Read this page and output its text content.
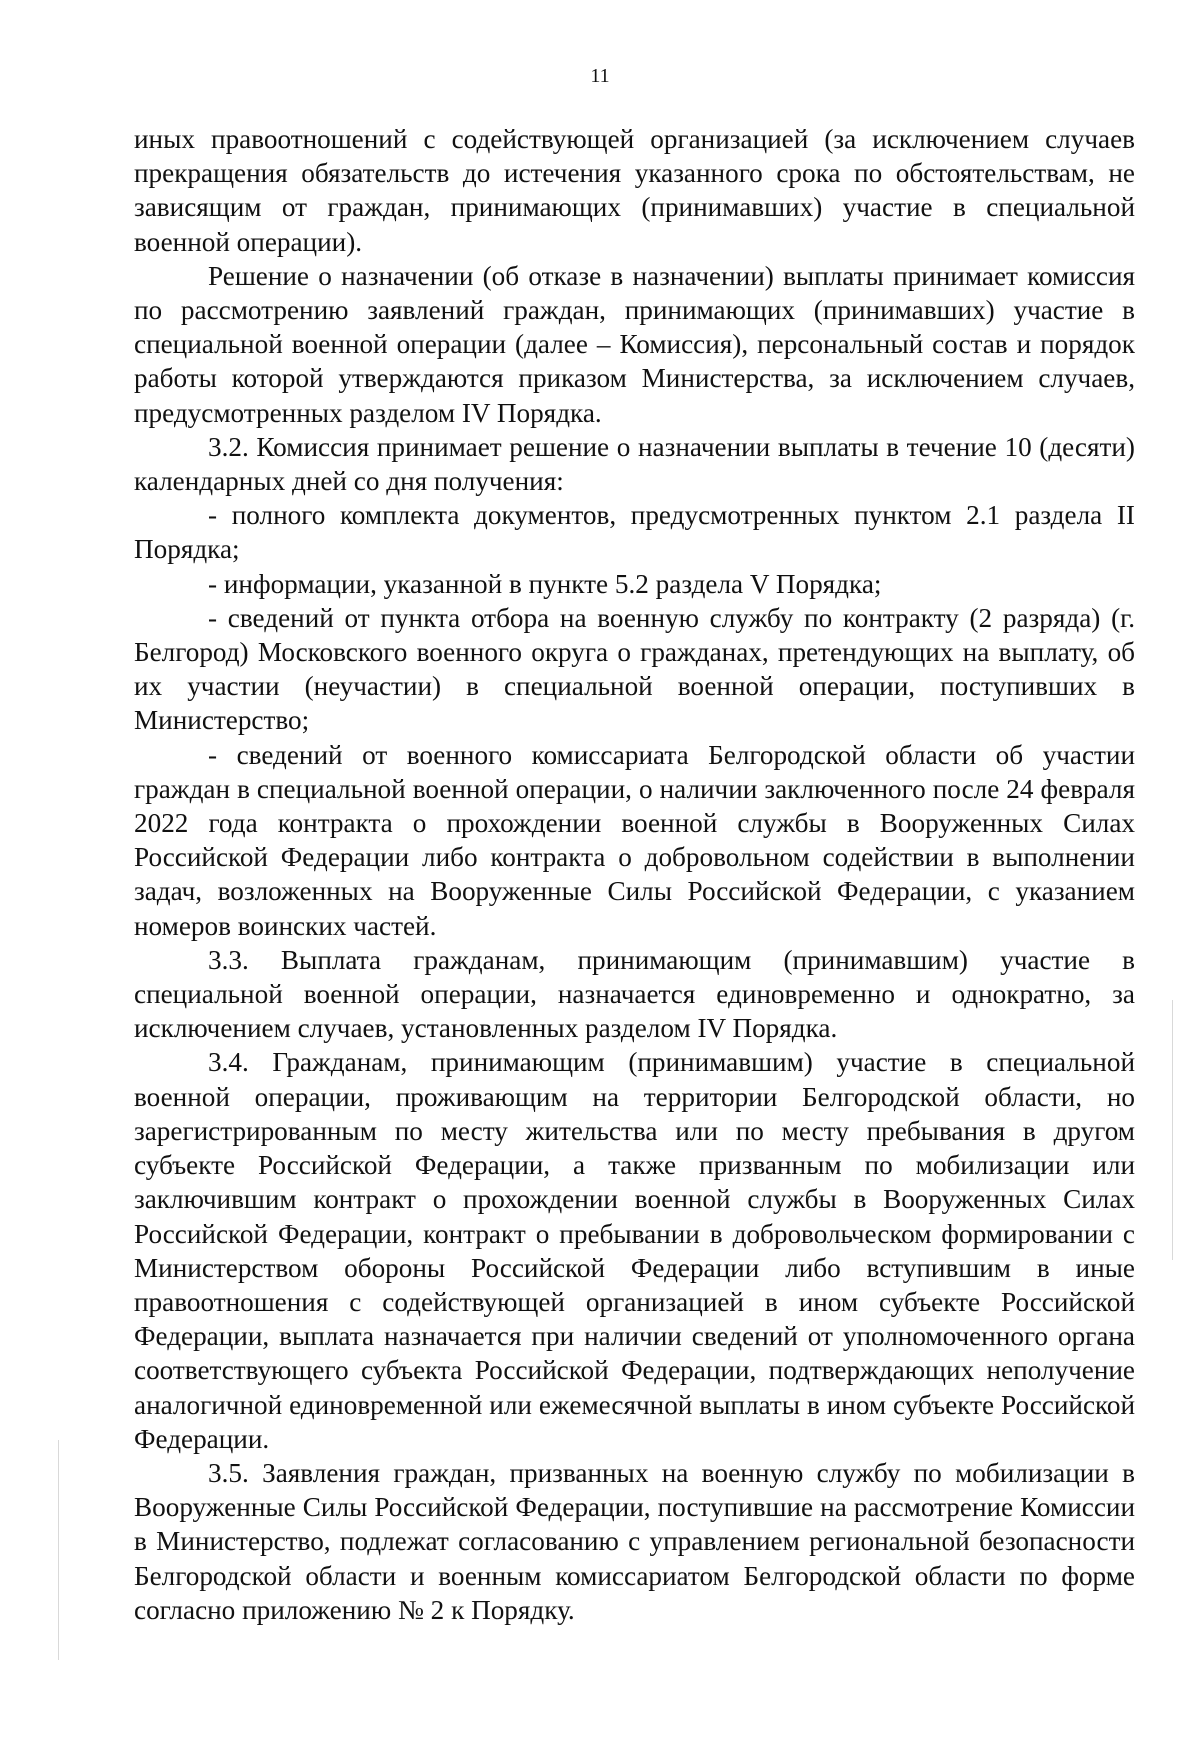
11

иных правоотношений с содействующей организацией (за исключением случаев прекращения обязательств до истечения указанного срока по обстоятельствам, не зависящим от граждан, принимающих (принимавших) участие в специальной военной операции).

Решение о назначении (об отказе в назначении) выплаты принимает комиссия по рассмотрению заявлений граждан, принимающих (принимавших) участие в специальной военной операции (далее – Комиссия), персональный состав и порядок работы которой утверждаются приказом Министерства, за исключением случаев, предусмотренных разделом IV Порядка.

3.2. Комиссия принимает решение о назначении выплаты в течение 10 (десяти) календарных дней со дня получения:

- полного комплекта документов, предусмотренных пунктом 2.1 раздела II Порядка;

- информации, указанной в пункте 5.2 раздела V Порядка;

- сведений от пункта отбора на военную службу по контракту (2 разряда) (г. Белгород) Московского военного округа о гражданах, претендующих на выплату, об их участии (неучастии) в специальной военной операции, поступивших в Министерство;

- сведений от военного комиссариата Белгородской области об участии граждан в специальной военной операции, о наличии заключенного после 24 февраля 2022 года контракта о прохождении военной службы в Вооруженных Силах Российской Федерации либо контракта о добровольном содействии в выполнении задач, возложенных на Вооруженные Силы Российской Федерации, с указанием номеров воинских частей.

3.3. Выплата гражданам, принимающим (принимавшим) участие в специальной военной операции, назначается единовременно и однократно, за исключением случаев, установленных разделом IV Порядка.

3.4. Гражданам, принимающим (принимавшим) участие в специальной военной операции, проживающим на территории Белгородской области, но зарегистрированным по месту жительства или по месту пребывания в другом субъекте Российской Федерации, а также призванным по мобилизации или заключившим контракт о прохождении военной службы в Вооруженных Силах Российской Федерации, контракт о пребывании в добровольческом формировании с Министерством обороны Российской Федерации либо вступившим в иные правоотношения с содействующей организацией в ином субъекте Российской Федерации, выплата назначается при наличии сведений от уполномоченного органа соответствующего субъекта Российской Федерации, подтверждающих неполучение аналогичной единовременной или ежемесячной выплаты в ином субъекте Российской Федерации.

3.5. Заявления граждан, призванных на военную службу по мобилизации в Вооруженные Силы Российской Федерации, поступившие на рассмотрение Комиссии в Министерство, подлежат согласованию с управлением региональной безопасности Белгородской области и военным комиссариатом Белгородской области по форме согласно приложению № 2 к Порядку.
